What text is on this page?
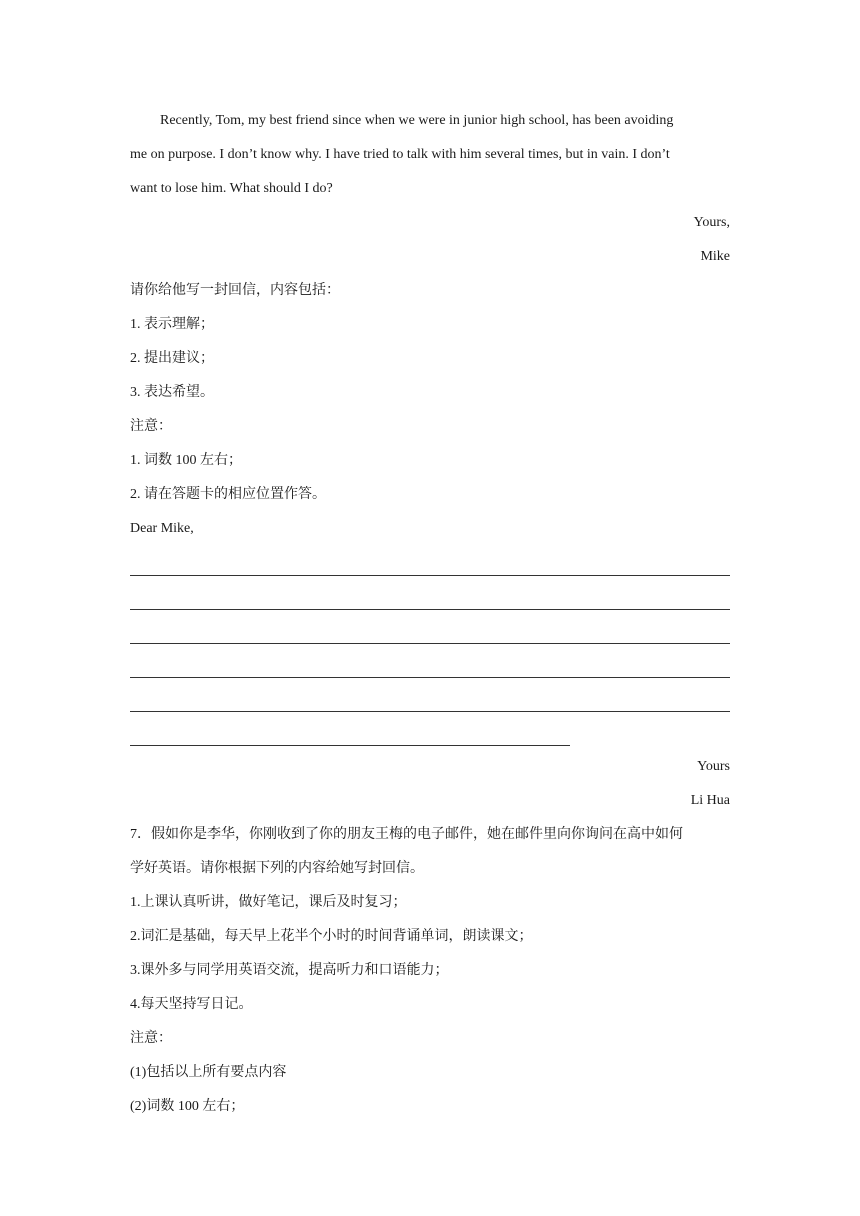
Recently, Tom, my best friend since when we were in junior high school, has been avoiding
me on purpose. I don’t know why. I have tried to talk with him several times, but in vain. I don’t
want to lose him. What should I do?
Yours,
Mike
请你给他写一封回信，内容包括：
1. 表示理解；
2. 提出建议；
3. 表达希望。
注意：
1. 词数 100 左右；
2. 请在答题卡的相应位置作答。
Dear Mike,
Yours
Li Hua
7．假如你是李华，你刚收到了你的朋友王梅的电子邮件，她在邮件里向你询问在高中如何
学好英语。请你根据下列的内容给她写封回信。
1.上课认真听讲，做好笔记，课后及时复习；
2.词汇是基础，每天早上花半个小时的时间背诵单词，朗读课文；
3.课外多与同学用英语交流，提高听力和口语能力；
4.每天坚持写日记。
注意：
(1)包括以上所有要点内容
(2)词数 100 左右；
